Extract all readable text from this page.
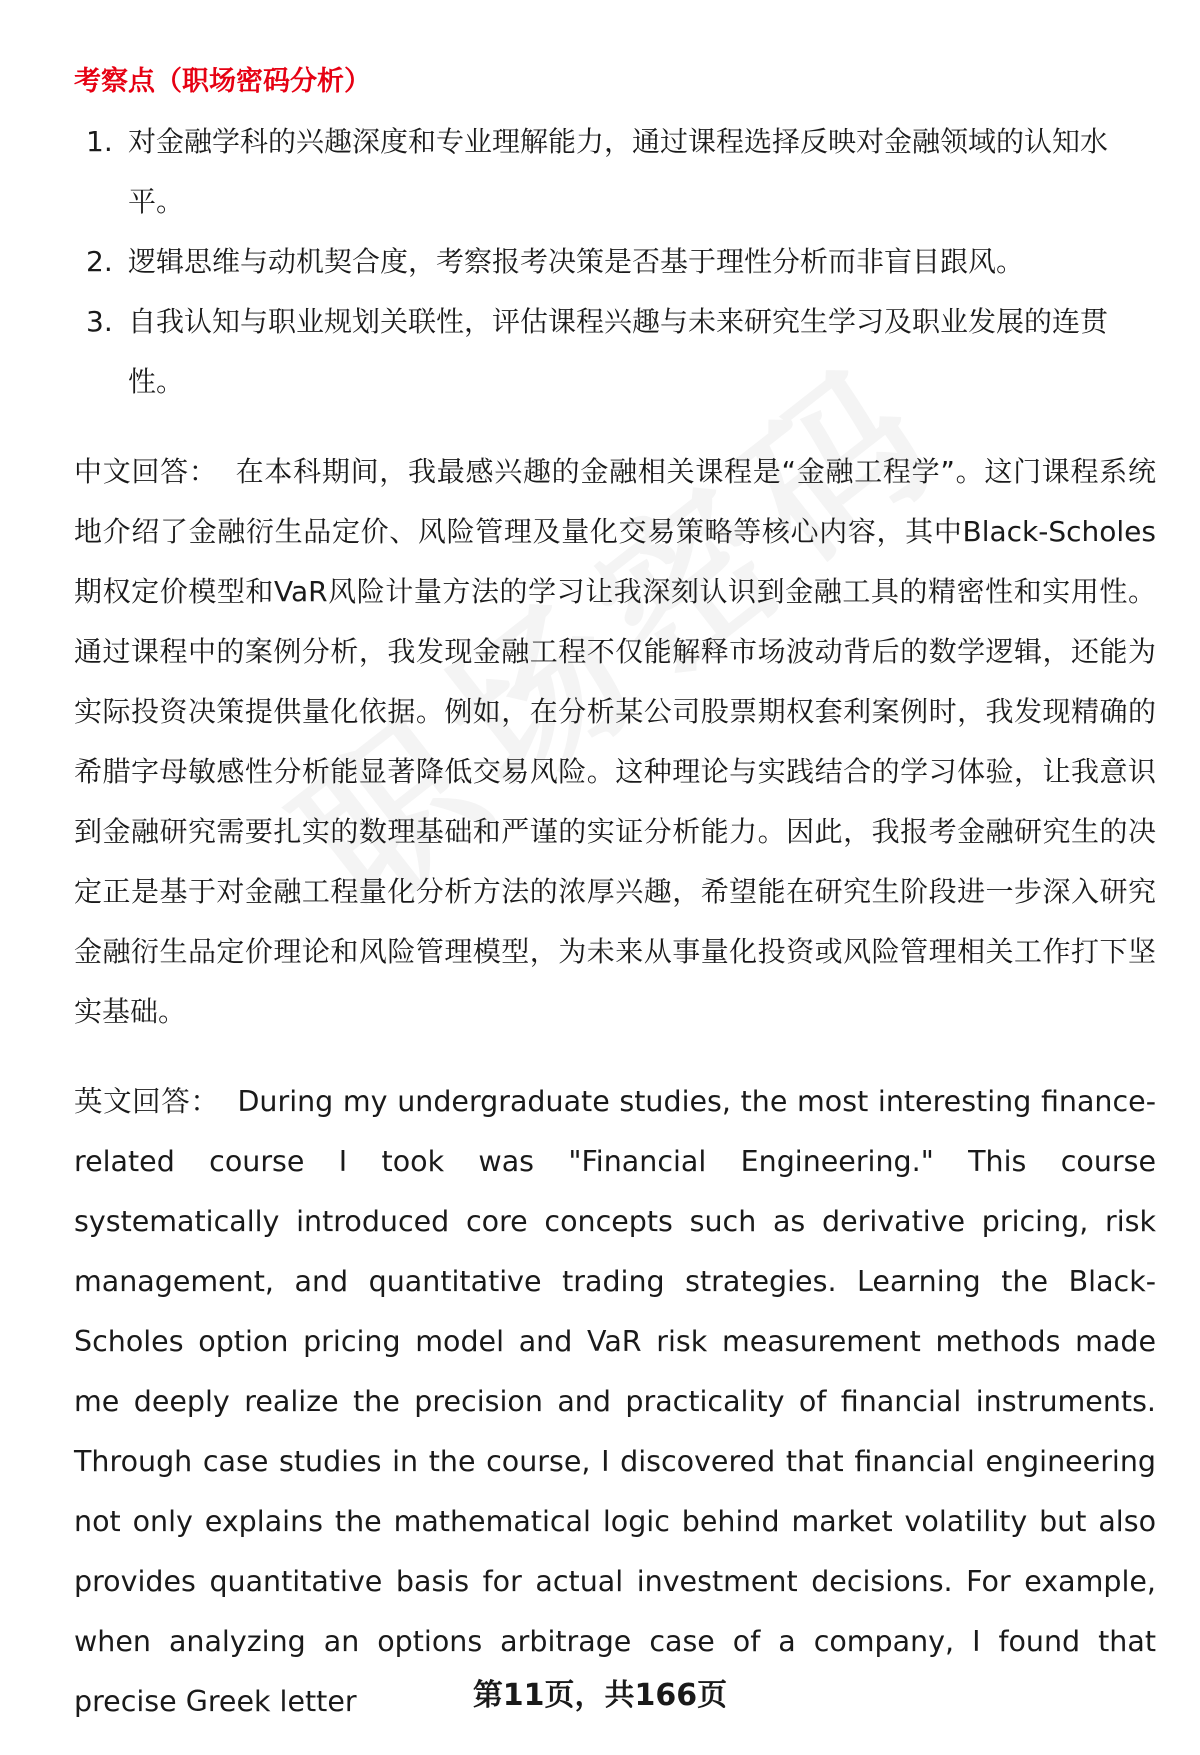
考察点（职场密码分析）
1. 对金融学科的兴趣深度和专业理解能力，通过课程选择反映对金融领域的认知水平。
2. 逻辑思维与动机契合度，考察报考决策是否基于理性分析而非盲目跟风。
3. 自我认知与职业规划关联性，评估课程兴趣与未来研究生学习及职业发展的连贯性。

中文回答： 在本科期间，我最感兴趣的金融相关课程是“金融工程学”。这门课程系统地介绍了金融衍生品定价、风险管理及量化交易策略等核心内容，其中Black-Scholes期权定价模型和VaR风险计量方法的学习让我深刻认识到金融工具的精密性和实用性。通过课程中的案例分析，我发现金融工程不仅能解释市场波动背后的数学逻辑，还能为实际投资决策提供量化依据。例如，在分析某公司股票期权套利案例时，我发现精确的希腊字母敏感性分析能显著降低交易风险。这种理论与实践结合的学习体验，让我意识到金融研究需要扎实的数理基础和严谨的实证分析能力。因此，我报考金融研究生的决定正是基于对金融工程量化分析方法的浓厚兴趣，希望能在研究生阶段进一步深入研究金融衍生品定价理论和风险管理模型，为未来从事量化投资或风险管理相关工作打下坚实基础。

英文回答： During my undergraduate studies, the most interesting finance-related course I took was "Financial Engineering." This course systematically introduced core concepts such as derivative pricing, risk management, and quantitative trading strategies. Learning the Black-Scholes option pricing model and VaR risk measurement methods made me deeply realize the precision and practicality of financial instruments. Through case studies in the course, I discovered that financial engineering not only explains the mathematical logic behind market volatility but also provides quantitative basis for actual investment decisions. For example, when analyzing an options arbitrage case of a company, I found that precise Greek letter	第11页，共166页
